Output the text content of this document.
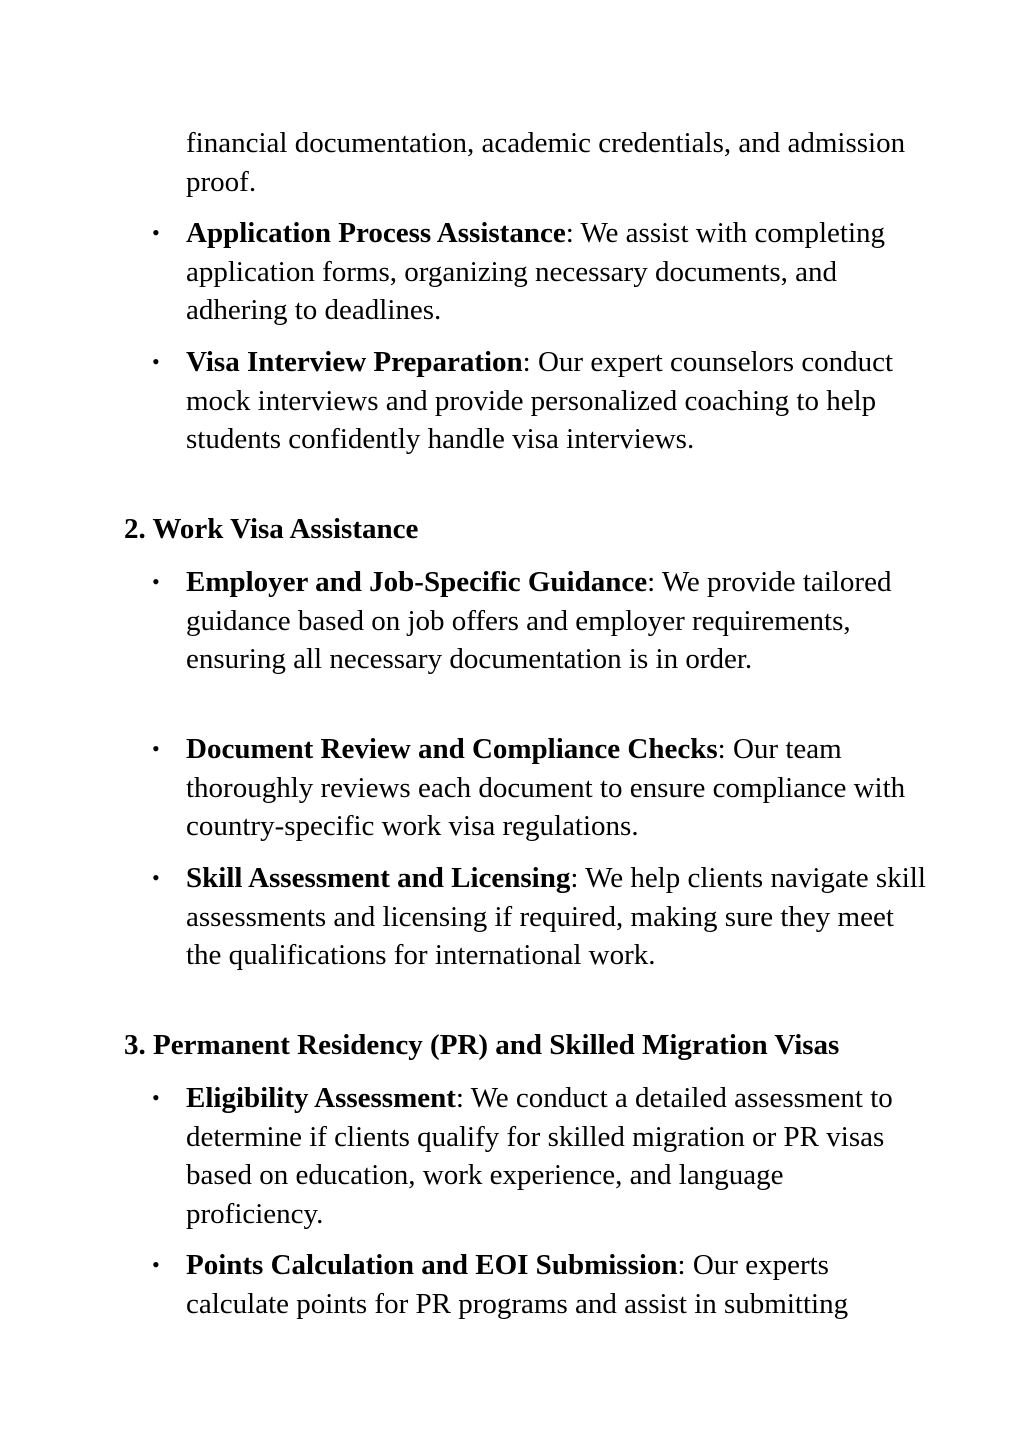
financial documentation, academic credentials, and admission proof.

• Application Process Assistance: We assist with completing application forms, organizing necessary documents, and adhering to deadlines.

• Visa Interview Preparation: Our expert counselors conduct mock interviews and provide personalized coaching to help students confidently handle visa interviews.

2. Work Visa Assistance
• Employer and Job-Specific Guidance: We provide tailored guidance based on job offers and employer requirements, ensuring all necessary documentation is in order.

• Document Review and Compliance Checks: Our team thoroughly reviews each document to ensure compliance with country-specific work visa regulations.

• Skill Assessment and Licensing: We help clients navigate skill assessments and licensing if required, making sure they meet the qualifications for international work.

3. Permanent Residency (PR) and Skilled Migration Visas
• Eligibility Assessment: We conduct a detailed assessment to determine if clients qualify for skilled migration or PR visas based on education, work experience, and language proficiency.

• Points Calculation and EOI Submission: Our experts calculate points for PR programs and assist in submitting
